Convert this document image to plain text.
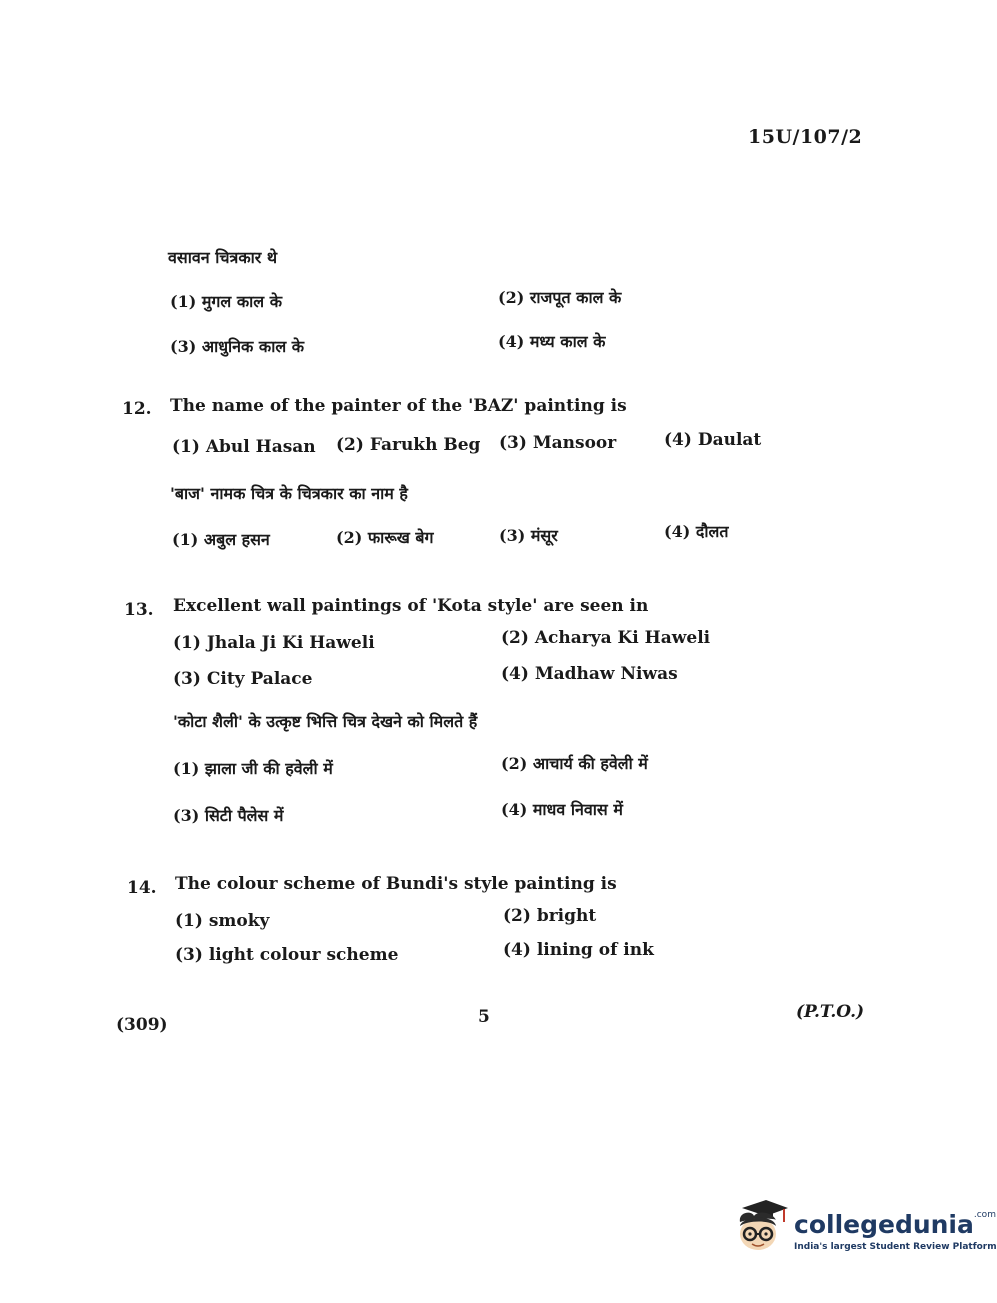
15U/107/2
वसावन चित्रकार थे
(1) मुगल काल के	(2) राजपूत काल के
(3) आधुनिक काल के	(4) मध्य काल के
12. The name of the painter of the 'BAZ' painting is
(1) Abul Hasan (2) Farukh Beg (3) Mansoor	(4) Daulat
'बाज' नामक चित्र के चित्रकार का नाम है
(1) अबुल हसन	(2) फारूख बेग	(3) मंसूर	(4) दौलत
13. Excellent wall paintings of 'Kota style' are seen in
(1) Jhala Ji Ki Haweli	(2) Acharya Ki Haweli
(3) City Palace	(4) Madhaw Niwas
'कोटा शैली' के उत्कृष्ट भित्ति चित्र देखने को मिलते हैं
(1) झाला जी की हवेली में	(2) आचार्य की हवेली में
(3) सिटी पैलेस में	(4) माधव निवास में
14. The colour scheme of Bundi's style painting is
(1) smoky	(2) bright
(3) light colour scheme	(4) lining of ink
(309)	5	(P.T.O.)
collegedunia$^{.com}$
India's largest Student Review Platform
